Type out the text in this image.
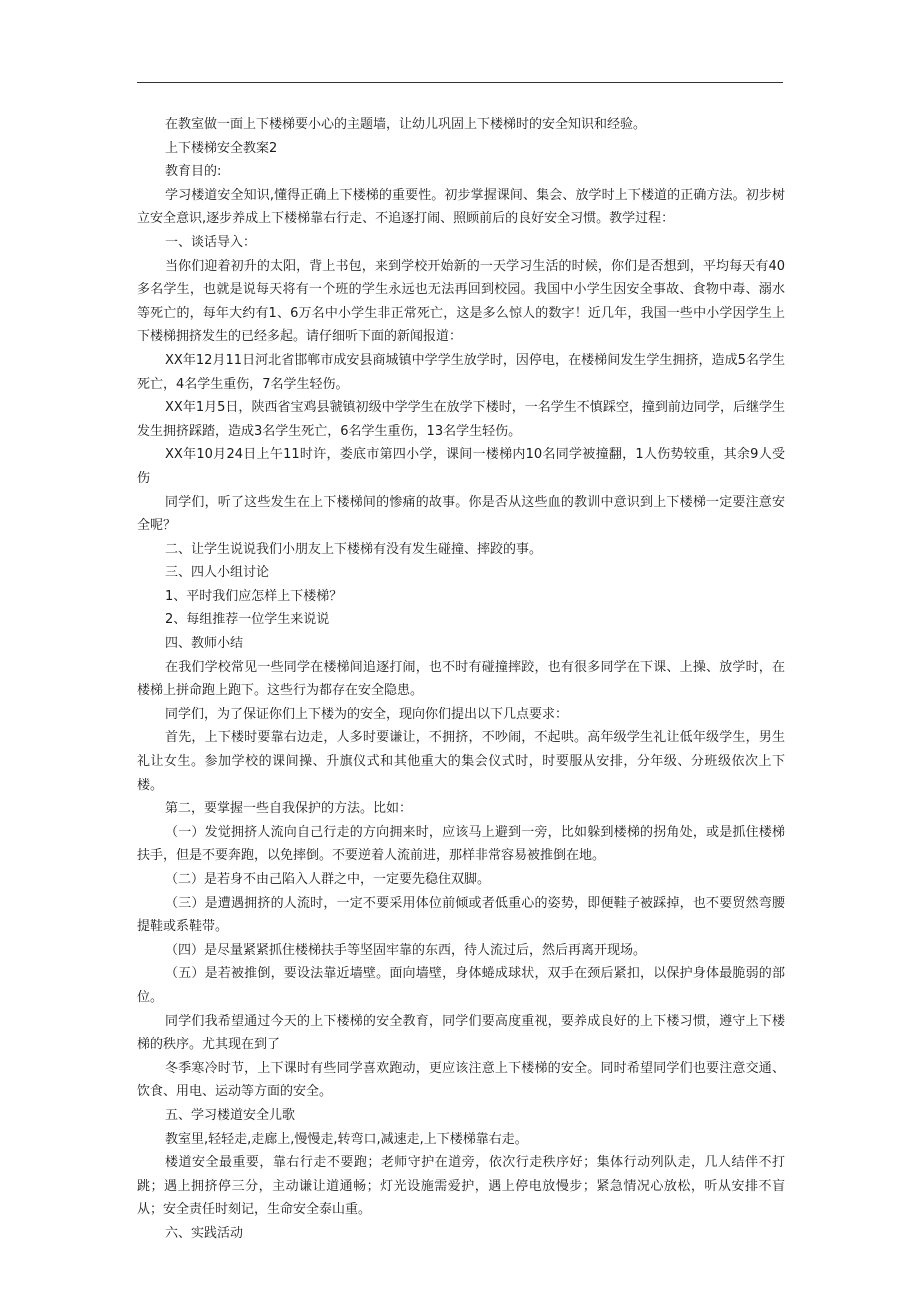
在教室做一面上下楼梯要小心的主题墙，让幼儿巩固上下楼梯时的安全知识和经验。

上下楼梯安全教案2

教育目的:

学习楼道安全知识,懂得正确上下楼梯的重要性。初步掌握课间、集会、放学时上下楼道的正确方法。初步树立安全意识,逐步养成上下楼梯靠右行走、不追逐打闹、照顾前后的良好安全习惯。教学过程：

一、谈话导入：

当你们迎着初升的太阳，背上书包，来到学校开始新的一天学习生活的时候，你们是否想到，平均每天有40多名学生，也就是说每天将有一个班的学生永远也无法再回到校园。我国中小学生因安全事故、食物中毒、溺水等死亡的，每年大约有1、6万名中小学生非正常死亡，这是多么惊人的数字！近几年，我国一些中小学因学生上下楼梯拥挤发生的已经多起。请仔细听下面的新闻报道：

XX年12月11日河北省邯郸市成安县商城镇中学学生放学时，因停电，在楼梯间发生学生拥挤，造成5名学生死亡，4名学生重伤，7名学生轻伤。

XX年1月5日，陕西省宝鸡县虢镇初级中学学生在放学下楼时，一名学生不慎踩空，撞到前边同学，后继学生发生拥挤踩踏，造成3名学生死亡，6名学生重伤，13名学生轻伤。

XX年10月24日上午11时许，娄底市第四小学，课间一楼梯内10名同学被撞翻，1人伤势较重，其余9人受伤

同学们，听了这些发生在上下楼梯间的惨痛的故事。你是否从这些血的教训中意识到上下楼梯一定要注意安全呢？

二、让学生说说我们小朋友上下楼梯有没有发生碰撞、摔跤的事。

三、四人小组讨论

1、平时我们应怎样上下楼梯？

2、每组推荐一位学生来说说

四、教师小结

在我们学校常见一些同学在楼梯间追逐打闹，也不时有碰撞摔跤，也有很多同学在下课、上操、放学时，在楼梯上拼命跑上跑下。这些行为都存在安全隐患。

同学们，为了保证你们上下楼为的安全，现向你们提出以下几点要求：

首先，上下楼时要靠右边走，人多时要谦让，不拥挤，不吵闹，不起哄。高年级学生礼让低年级学生，男生礼让女生。参加学校的课间操、升旗仪式和其他重大的集会仪式时，时要服从安排，分年级、分班级依次上下楼。

第二，要掌握一些自我保护的方法。比如：

（一）发觉拥挤人流向自己行走的方向拥来时，应该马上避到一旁，比如躲到楼梯的拐角处，或是抓住楼梯扶手，但是不要奔跑，以免摔倒。不要逆着人流前进，那样非常容易被推倒在地。

（二）是若身不由己陷入人群之中，一定要先稳住双脚。

（三）是遭遇拥挤的人流时，一定不要采用体位前倾或者低重心的姿势，即便鞋子被踩掉，也不要贸然弯腰提鞋或系鞋带。

（四）是尽量紧紧抓住楼梯扶手等坚固牢靠的东西，待人流过后，然后再离开现场。

（五）是若被推倒，要设法靠近墙壁。面向墙壁，身体蜷成球状，双手在颈后紧扣，以保护身体最脆弱的部位。

同学们我希望通过今天的上下楼梯的安全教育，同学们要高度重视，要养成良好的上下楼习惯，遵守上下楼梯的秩序。尤其现在到了

冬季寒冷时节，上下课时有些同学喜欢跑动，更应该注意上下楼梯的安全。同时希望同学们也要注意交通、饮食、用电、运动等方面的安全。

五、学习楼道安全儿歌

教室里,轻轻走,走廊上,慢慢走,转弯口,减速走,上下楼梯靠右走。

楼道安全最重要，靠右行走不要跑；老师守护在道旁，依次行走秩序好；集体行动列队走，几人结伴不打跳；遇上拥挤停三分，主动谦让道通畅；灯光设施需爱护，遇上停电放慢步；紧急情况心放松，听从安排不盲从；安全责任时刻记，生命安全泰山重。

六、实践活动
